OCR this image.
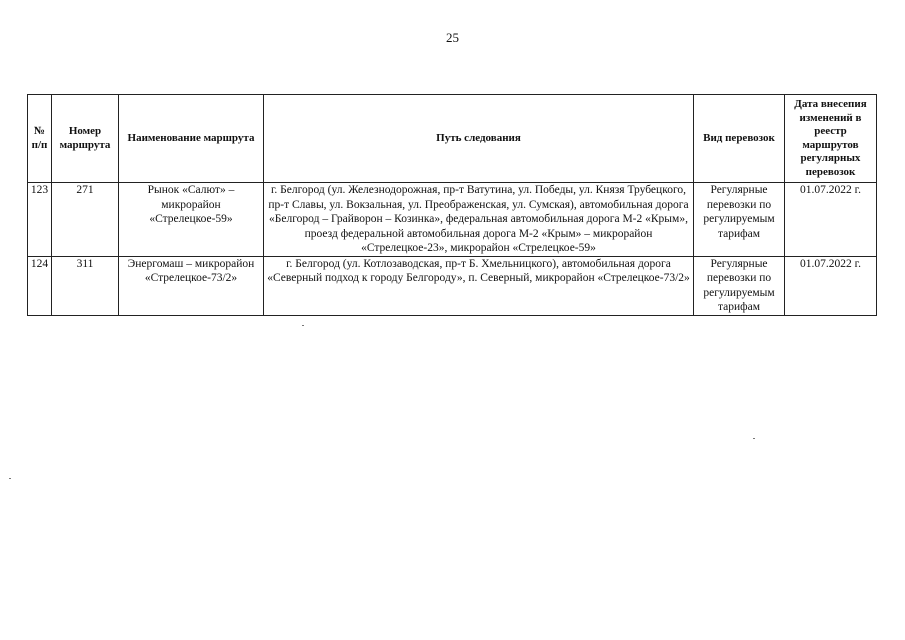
25
№ п/п	Номер маршрута	Наименование маршрута	Путь следования	Вид перевозок	Дата внесепия изменений в реестр маршрутов регулярных перевозок
123	271	Рынок «Салют» – микрорайон «Стрелецкое-59»	г. Белгород (ул. Железнодорожная, пр-т Ватутина, ул. Победы, ул. Князя Трубецкого, пр-т Славы, ул. Вокзальная, ул. Преображенская, ул. Сумская), автомобильная дорога «Белгород – Грайворон – Козинка», федеральная автомобильная дорога М-2 «Крым», проезд федеральной автомобильная дорога М-2 «Крым» – микрорайон «Стрелецкое-23», микрорайон «Стрелецкое-59»	Регулярные перевозки по регулируемым тарифам	01.07.2022 г.
124	311	Энергомаш – микрорайон «Стрелецкое-73/2»	г. Белгород (ул. Котлозаводская, пр-т Б. Хмельницкого), автомобильная дорога «Северный подход к городу Белгороду», п. Северный, микрорайон «Стрелецкое-73/2»	Регулярные перевозки по регулируемым тарифам	01.07.2022 г.
